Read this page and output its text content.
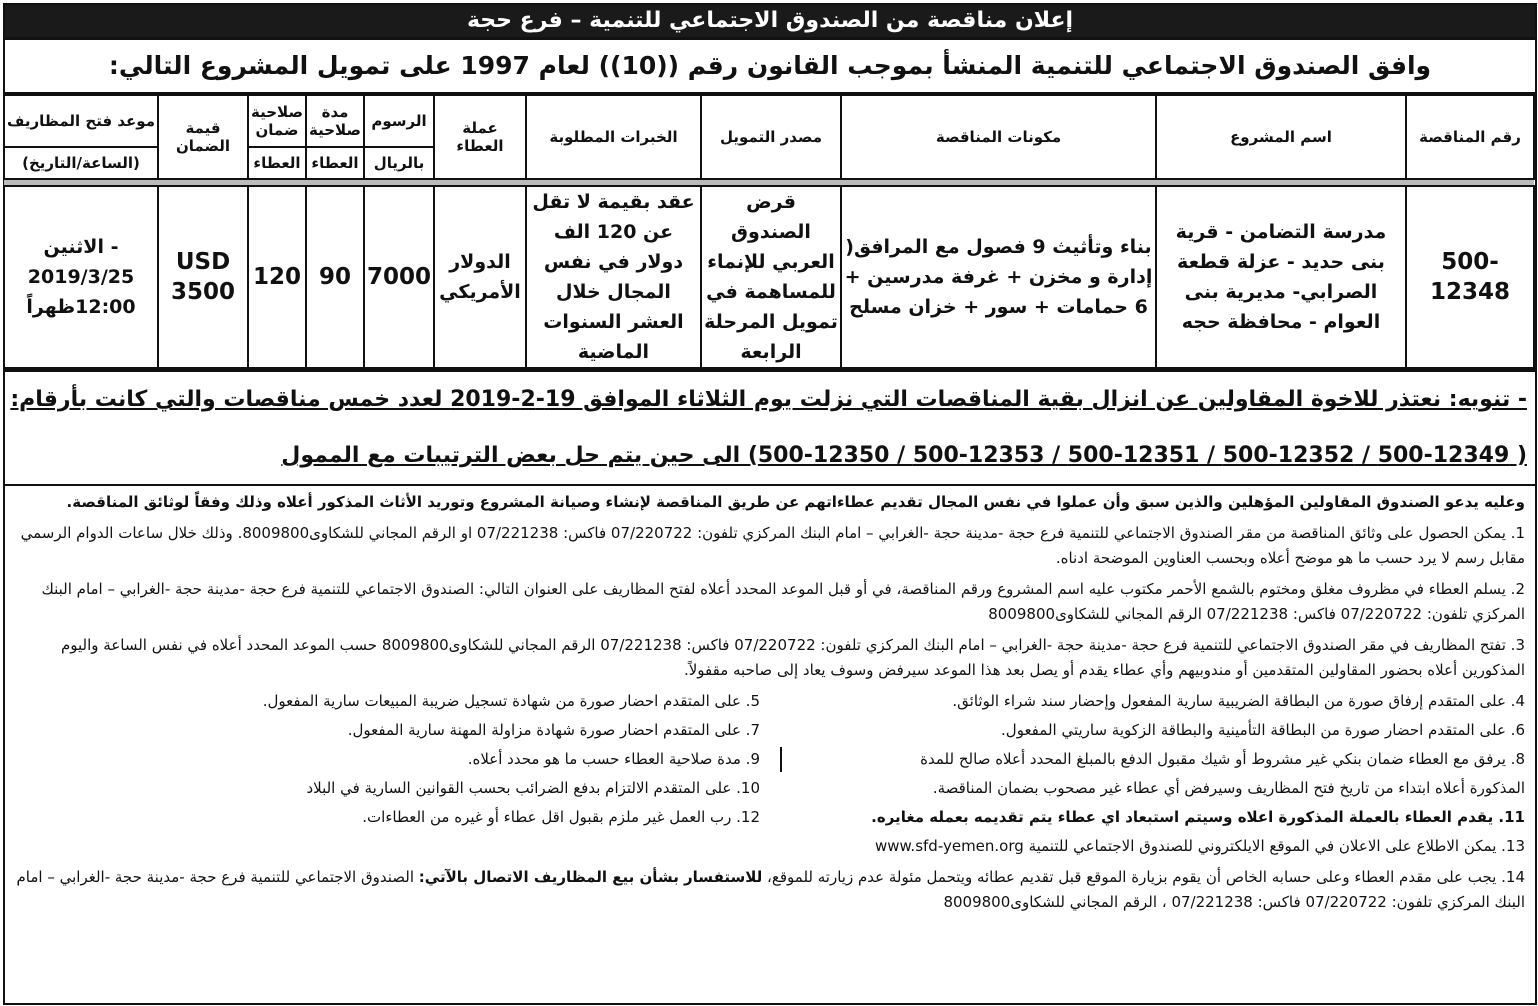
إعلان مناقصة من الصندوق الاجتماعي للتنمية – فرع حجة
وافق الصندوق الاجتماعي للتنمية المنشأ بموجب القانون رقم ((10)) لعام 1997 على تمويل المشروع التالي:
رقم المناقصة	اسم المشروع	مكونات المناقصة	مصدر التمويل	الخبرات المطلوبة	عملة العطاء	الرسوم	مدة صلاحية	صلاحية ضمان	قيمة الضمان	موعد فتح المظاريف
						بالريال	العطاء	العطاء		(الساعة/التاريخ)

500-12348	مدرسة التضامن - قرية بنى حديد - عزلة قطعة الصرابي- مديرية بنى العوام - محافظة حجه	بناء وتأثيث 9 فصول مع المرافق( إدارة و مخزن + غرفة مدرسين + 6 حمامات + سور + خزان مسلح	قرض الصندوق العربي للإنماء للمساهمة في تمويل المرحلة الرابعة	عقد بقيمة لا تقل عن 120 الف دولار في نفس المجال خلال العشر السنوات الماضية	الدولار الأمريكي	7000	90	120	USD 3500	- الاثنين
2019/3/25
12:00ظهراً
- تنويه: نعتذر للاخوة المقاولين عن انزال بقية المناقصات التي نزلت يوم الثلاثاء الموافق 19-2-2019 لعدد خمس مناقصات والتي كانت بأرقام:
( 500-12349 / 500-12352 / 500-12351 / 500-12353 / 500-12350) الى حين يتم حل بعض الترتيبات مع الممول

وعليه يدعو الصندوق المقاولين المؤهلين والذين سبق وأن عملوا في نفس المجال تقديم عطاءاتهم عن طريق المناقصة لإنشاء وصيانة المشروع وتوريد الأثاث المذكور أعلاه وذلك وفقاً لوثائق المناقصة.

1. يمكن الحصول على وثائق المناقصة من مقر الصندوق الاجتماعي للتنمية فرع حجة -مدينة حجة -الغرابي – امام البنك المركزي تلفون: 07/220722 فاكس: 07/221238 او الرقم المجاني للشكاوى8009800. وذلك خلال ساعات الدوام الرسمي مقابل رسم لا يرد حسب ما هو موضح أعلاه وبحسب العناوين الموضحة ادناه.

2. يسلم العطاء في مظروف مغلق ومختوم بالشمع الأحمر مكتوب عليه اسم المشروع ورقم المناقصة، في أو قبل الموعد المحدد أعلاه لفتح المظاريف على العنوان التالي: الصندوق الاجتماعي للتنمية فرع حجة -مدينة حجة -الغرابي – امام البنك المركزي تلفون: 07/220722 فاكس: 07/221238 الرقم المجاني للشكاوى8009800

3. تفتح المظاريف في مقر الصندوق الاجتماعي للتنمية فرع حجة -مدينة حجة -الغرابي – امام البنك المركزي تلفون: 07/220722 فاكس: 07/221238 الرقم المجاني للشكاوى8009800 حسب الموعد المحدد أعلاه في نفس الساعة واليوم المذكورين أعلاه بحضور المقاولين المتقدمين أو مندوبيهم وأي عطاء يقدم أو يصل بعد هذا الموعد سيرفض وسوف يعاد إلى صاحبه مقفولاً.

4. على المتقدم إرفاق صورة من البطاقة الضريبية سارية المفعول وإحضار سند شراء الوثائق.
5. على المتقدم احضار صورة من شهادة تسجيل ضريبة المبيعات سارية المفعول.
6. على المتقدم احضار صورة من البطاقة التأمينية والبطاقة الزكوية ساريتي المفعول.
7. على المتقدم احضار صورة شهادة مزاولة المهنة سارية المفعول.
8. يرفق مع العطاء ضمان بنكي غير مشروط أو شيك مقبول الدفع بالمبلغ المحدد أعلاه صالح للمدة
9. مدة صلاحية العطاء حسب ما هو محدد أعلاه.
المذكورة أعلاه ابتداء من تاريخ فتح المظاريف وسيرفض أي عطاء غير مصحوب بضمان المناقصة.
10. على المتقدم الالتزام بدفع الضرائب بحسب القوانين السارية في البلاد
11. يقدم العطاء بالعملة المذكورة اعلاه وسيتم استبعاد اي عطاء يتم تقديمه بعمله مغايره.
12. رب العمل غير ملزم بقبول اقل عطاء أو غيره من العطاءات.

13. يمكن الاطلاع على الاعلان في الموقع الايلكتروني للصندوق الاجتماعي للتنمية www.sfd-yemen.org

14. يجب على مقدم العطاء وعلى حسابه الخاص أن يقوم بزيارة الموقع قبل تقديم عطائه ويتحمل مئولة عدم زيارته للموقع، للاستفسار بشأن بيع المظاريف الاتصال بالآتي: الصندوق الاجتماعي للتنمية فرع حجة -مدينة حجة -الغرابي – امام البنك المركزي تلفون: 07/220722 فاكس: 07/221238 ، الرقم المجاني للشكاوى8009800
